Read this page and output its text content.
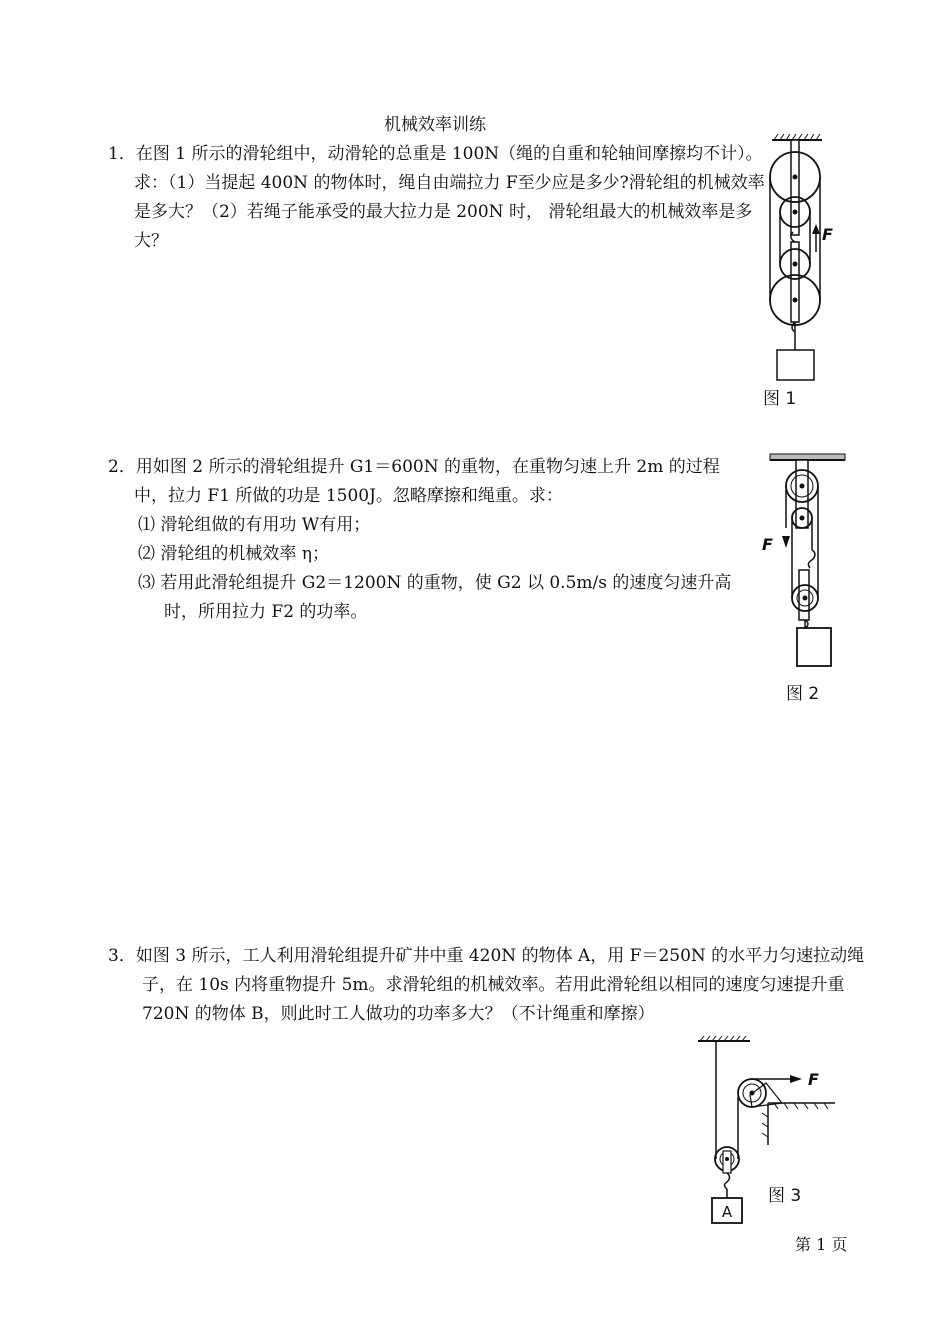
机械效率训练
1．在图 1 所示的滑轮组中，动滑轮的总重是 100N（绳的自重和轮轴间摩擦均不计）。求：（1）当提起 400N 的物体时，绳自由端拉力 F至少应是多少?滑轮组的机械效率是多大？（2）若绳子能承受的最大拉力是 200N 时， 滑轮组最大的机械效率是多大？
2．用如图 2 所示的滑轮组提升 G1＝600N 的重物，在重物匀速上升 2m 的过程中，拉力 F1 所做的功是 1500J。忽略摩擦和绳重。求：
⑴ 滑轮组做的有用功 W有用；
⑵ 滑轮组的机械效率 η；
⑶ 若用此滑轮组提升 G2＝1200N 的重物，使 G2 以 0.5m/s 的速度匀速升高时，所用拉力 F2 的功率。
3．如图 3 所示，工人利用滑轮组提升矿井中重 420N 的物体 A，用 F＝250N 的水平力匀速拉动绳子，在 10s 内将重物提升 5m。求滑轮组的机械效率。若用此滑轮组以相同的速度匀速提升重 720N 的物体 B，则此时工人做功的功率多大？（不计绳重和摩擦）
F
图 1
F
图 2
F
A
图 3
第 1 页
